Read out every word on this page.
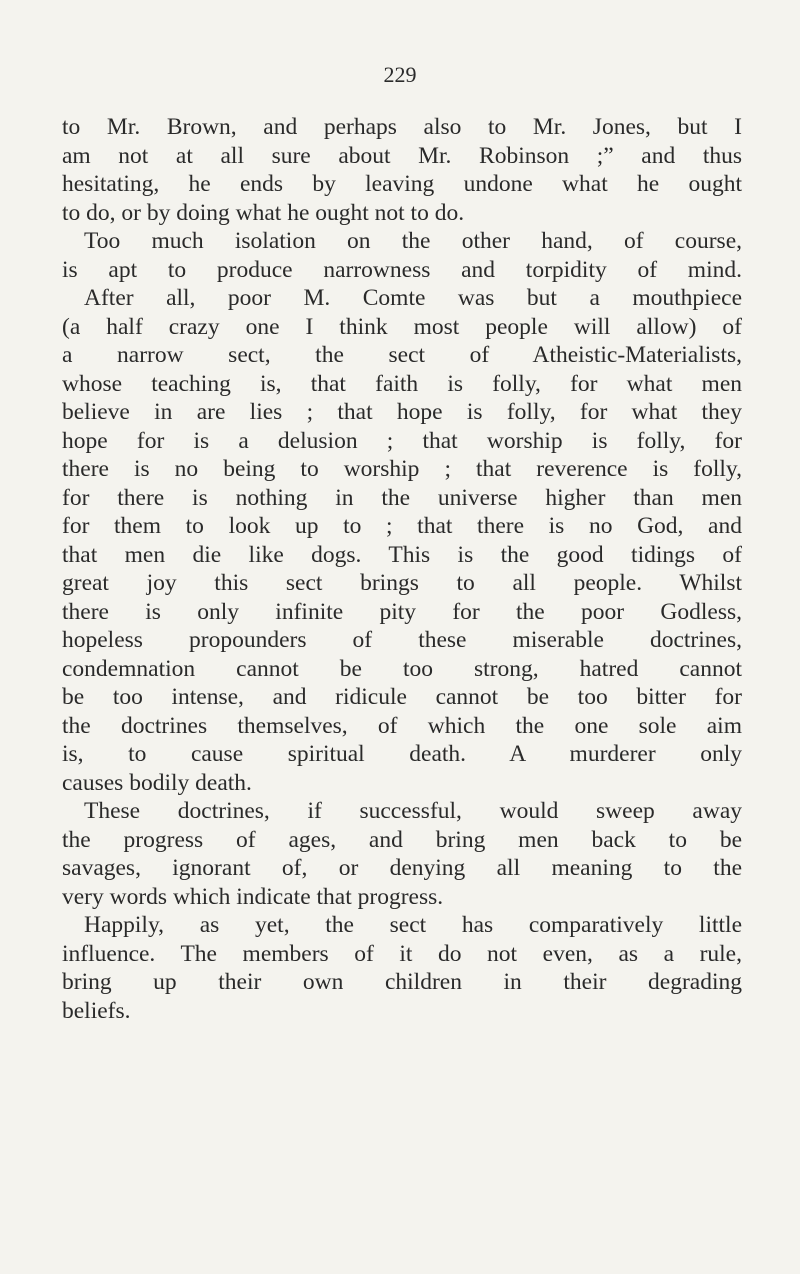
229
to Mr. Brown, and perhaps also to Mr. Jones, but I
am not at all sure about Mr. Robinson ;” and thus
hesitating, he ends by leaving undone what he ought
to do, or by doing what he ought not to do.
Too much isolation on the other hand, of course,
is apt to produce narrowness and torpidity of mind.
After all, poor M. Comte was but a mouthpiece
(a half crazy one I think most people will allow) of
a narrow sect, the sect of Atheistic-Materialists,
whose teaching is, that faith is folly, for what men
believe in are lies ; that hope is folly, for what they
hope for is a delusion ; that worship is folly, for
there is no being to worship ; that reverence is folly,
for there is nothing in the universe higher than men
for them to look up to ; that there is no God, and
that men die like dogs. This is the good tidings of
great joy this sect brings to all people. Whilst
there is only infinite pity for the poor Godless,
hopeless propounders of these miserable doctrines,
condemnation cannot be too strong, hatred cannot
be too intense, and ridicule cannot be too bitter for
the doctrines themselves, of which the one sole aim
is, to cause spiritual death. A murderer only
causes bodily death.
These doctrines, if successful, would sweep away
the progress of ages, and bring men back to be
savages, ignorant of, or denying all meaning to the
very words which indicate that progress.
Happily, as yet, the sect has comparatively little
influence. The members of it do not even, as a rule,
bring up their own children in their degrading
beliefs.
